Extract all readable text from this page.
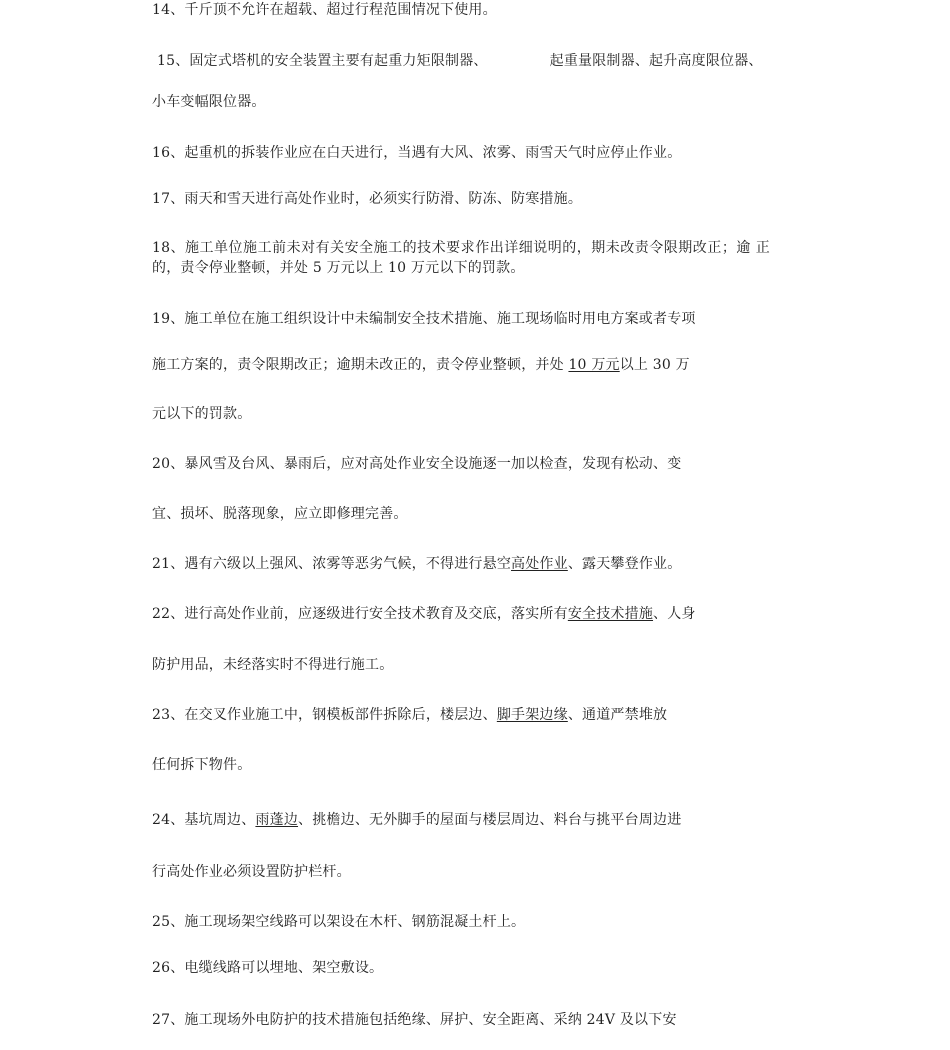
14、千斤顶不允许在超载、超过行程范围情况下使用。

15、固定式塔机的安全装置主要有起重力矩限制器、	起重量限制器、起升高度限位器、

小车变幅限位器。

16、起重机的拆装作业应在白天进行，当遇有大风、浓雾、雨雪天气时应停止作业。

17、雨天和雪天进行高处作业时，必须实行防滑、防冻、防寒措施。

18、施工单位施工前未对有关安全施工的技术要求作出详细说明的，期未改责令限期改正；逾 正

的，责令停业整顿，并处 5 万元以上 10 万元以下的罚款。

19、施工单位在施工组织设计中未编制安全技术措施、施工现场临时用电方案或者专项

施工方案的，责令限期改正；逾期未改正的，责令停业整顿，并处 10 万元以上 30 万

元以下的罚款。

20、暴风雪及台风、暴雨后，应对高处作业安全设施逐一加以检查，发现有松动、变

宜、损坏、脱落现象，应立即修理完善。

21、遇有六级以上强风、浓雾等恶劣气候，不得进行悬空高处作业、露天攀登作业。

22、进行高处作业前，应逐级进行安全技术教育及交底，落实所有安全技术措施、人身

防护用品，未经落实时不得进行施工。

23、在交叉作业施工中，钢模板部件拆除后，楼层边、脚手架边缘、通道严禁堆放

任何拆下物件。

24、基坑周边、雨蓬边、挑檐边、无外脚手的屋面与楼层周边、料台与挑平台周边进

行高处作业必须设置防护栏杆。

25、施工现场架空线路可以架设在木杆、钢筋混凝土杆上。

26、电缆线路可以埋地、架空敷设。

27、施工现场外电防护的技术措施包括绝缘、屏护、安全距离、采纳 24V 及以下安
